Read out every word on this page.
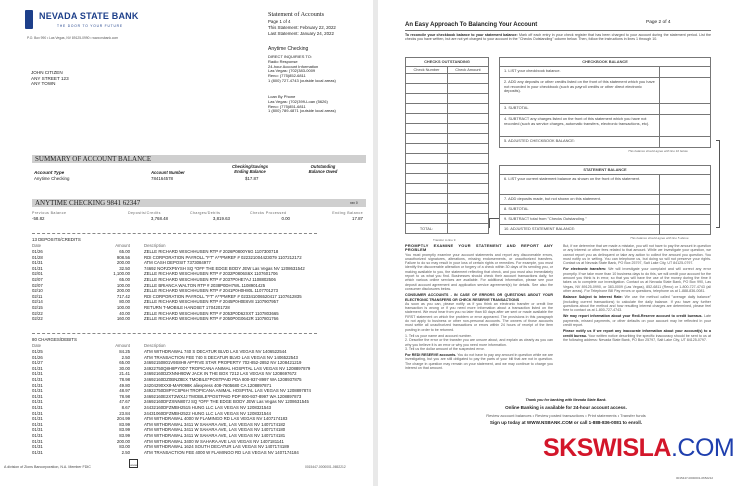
NEVADA STATE BANK
THE DOOR TO YOUR FUTURE
P.O. Box 990 • Las Vegas, NV 89125-0990 • www.nsbank.com
Statement of Accounts
Page 1 of 4
This Statement: February 22, 2022
Last Statement: January 24, 2022
Anytime Checking
DIRECT INQUIRIES TO:
Radio Response
24-hour Account Information
Las Vegas: (702)383-0009
Reno: (775)852-6811
1 (800) 727-4743 (outside local areas)
Loan By Phone
Las Vegas: (702)399-Loan (5626)
Reno: (775)851-6811
1 (800) 789-4871 (outside local areas)
JOHN CITIZEN
ANY STREET 123
ANY TOWN
SUMMARY OF ACCOUNT BALANCE
Account Type	Account Number
Checking/Savings Ending Balance
Outstanding Balance Owed
Anytime Checking	784164578	$17.87
ANYTIME CHECKING 9841 62347	xxx 0
Previous Balance
-58.82
Deposits/Credits
3,768.48
Charges/Debits
3,819.63
Checks Processed
0.00
Ending Balance
17.87
13 DEPOSITS/CREDITS
Date	Amount	Description
01/26	65.00	ZELLE RICHARD WISCHHUSEN RTP # 2026P0800Y6G 1107300718
01/28	908.56	RDI CORPORATION PAYROLL "FT" A**PMREF # 022321004423079 1107212172
01/31	200.00	ATM CASH DEPOSIT 7373084977
01/31	32.50	74692 NOFZXP5YSH SQ *OFF THE EDGE BODY JEW Las Vegas NV 1208631542
02/01	1,100.00	ZELLE RICHARD WISCHHUSEN RTP # 2032P0806S6X 1107601706
02/07	65.00	ZELLE RICHARD WISCHHUSEN RTP # 2037P0HE7AJ 1108802506
02/07	100.00	ZELLE BRIANCA WALTON RTP # 2038P0DH7WL 1108901425
02/10	200.00	ZELLE RICHARD WISCHHUSEN RTP # 2041P0H0H80L 1107701273
02/11	717.42	RDI CORPORATION PAYROLL "FT" A**PMREF # 023341006520417 1107612835
02/14	80.00	ZELLE RICHARD WISCHHUSEN RTP # 2045P0H0E6V8 1107907957
02/15	100.00	RETURN T-MOBILE HANDSET 1704201728
02/22	40.00	ZELLE RICHARD WISCHHUSEN RTP # 2053P0D62XXT 1107803665
02/22	160.00	ZELLE RICHARD WISCHHUSEN RTP # 2050P0G0642R 1107801766
80 CHARGES/DEBITS
Date	Amount	Description
01/25	84.25	ATM WITHDRAWAL 740 S DECATUR BLVD LAS VEGAS NV 1406522544
01/26	2.50	ATM TRANSACTION FEE 740 S DECATUR BLVD LAS VEGAS NV 1406522543
01/27	65.00	24692150801V9S8H9 AP*FIVE STAR PROPERTY 702-852-2852 NV 1208421219
01/31	30.00	24922750Q8H8PY0D7 TROPICANA ANIMAL HOSPITAL LAS VEGAS NV 1208897879
01/31	21.41	24692160DZXNNH9DW JACK IN THE BOX 7212 LAS VEGAS NV 1208697672
01/31	78.98	24692160DZ0BNZ8EX TMOBILE*POSTPAID PDA 800-937-8997 WA 1208937875
01/31	49.80	24204290XX8-MAR098K aliexpress 408-7605680 CA 1208897871
01/31	48.97	24922750D8PYCSP6H TROPICANA ANIMAL HOSPITAL LAS VEGAS NV 1208897874
01/31	78.98	24692160E2XT2WXJJ TMOBILE*POSTPAID PDP 800-937-8997 WA 1208897873
01/31	47.67	24692160DFZXNN807J SQ *OFF THE EDGE BODY JEW Las Vegas NV 1208631545
01/31	8.67	24432160DFZMBH2515 HUNG LLC LAS VEGAS NV 1208321543
01/31	23.84	24431060DFZMBH2522 HUNG LLC LAS VEGAS NV 1208321544
01/31	204.99	ATM WITHDRAWAL 4000 W FLAMINGO RD LAS VEGAS NV 1407174183
01/31	83.99	ATM WITHDRAWAL 3411 W SAHARA AVE, LAS VEGAS NV 1407174182
01/31	83.99	ATM WITHDRAWAL 3411 W SAHARA AVE, LAS VEGAS NV 1407174180
01/31	83.99	ATM WITHDRAWAL 3411 W SAHARA AVE, LAS VEGAS NV 1407174181
01/31	200.00	ATM WITHDRAWAL 3400 W SAHARA AVE LAS VEGAS NV 1407181141
01/31	83.00	ATM WITHDRAWAL 1624 SOUTH DECATUR LAS VEGAS NV 1407174189
01/31	2.50	ATM TRANSACTION FEE 4000 W FLAMINGO RD LAS VEGAS NV 1407174184
A division of Zions Bancorporation, N.A. Member FDIC	LENDER	0015447-0000001-0652212
An Easy Approach To Balancing Your Account	Page 2 of 4
To reconcile your checkbook balance to your statement balance: Mark off each entry in your check register that has been charged to your account during the statement period. List the checks you have written, but are not yet charged to your account in the "Checks Outstanding" column below. Then, follow the instructions in lines 1 through 10.
CHECKS OUTSTANDING	
Check Number	Check Amount

TOTAL:	
Transfer to line 9
CHECKBOOK BALANCE	
1. LIST your checkbook balance.	
2. ADD any deposits or other credits listed on the front of this statement which you have not recorded in your checkbook (such as payroll credits or other direct electronic deposits).	
3. SUBTOTAL	
4. SUBTRACT any charges listed on the front of this statement which you have not recorded (such as service charges, automatic transfers, electronic transactions, etc).	
5. ADJUSTED CHECKBOOK BALANCE:	
This balance should agree with line 10 below.
STATEMENT BALANCE	
6. LIST your current statement balance as shown on the front of this statement.	
7. ADD deposits made, but not shown on this statement.	
8. SUBTOTAL	
9. SUBTRACT total from "Checks Outstanding."	
10. ADJUSTED STATEMENT BALANCE:	
This balance should agree with line 5 above.
PROMPTLY EXAMINE YOUR STATEMENT AND REPORT ANY PROBLEM
You must promptly examine your account statements and report any discoverable errors, unauthorized signatures, alterations, missing endorsements, or unauthorized transfers. Failure to do so may result in your loss of certain rights or remedies. For example, you must identify the discoverable alteration or forgery of a check within 30 days of its sending you, or making available to you, the statement reflecting that check, and you must also immediately report to us what you find. Businesses should check their account transactions daily, for which various online services are available. For additional information, please see your deposit account agreement and application service agreement(s) for details. See also the consumer disclosures below.
CONSUMER ACCOUNTS - IN CASE OF ERRORS OR QUESTIONS ABOUT YOUR ELECTRONIC TRANSFERS OR CHECK RESERVE TRANSACTIONS
As soon as you can, please notify us if you think an electronic transfer or credit line transaction is wrong or if you need more information about a transaction listed on the statement. We must hear from you no later than 60 days after we sent or made available the FIRST statement on which the problem or error appeared. The provisions in this paragraph do not apply to business or other non-personal accounts. The owners of those accounts must settle all unauthorized transactions or errors within 24 hours of receipt of the item posting in order to be returned.
1. Tell us your name and account number.
2. Describe the error or the transfer you are unsure about, and explain as clearly as you can why you believe it is an error or why you need more information.
3. Tell us the dollar amount of the suspected error.
For REDI RESERVE accounts. You do not have to pay any amount in question while we are investigating, but you are still obligated to pay the parts of your bill that are not in question. The charge in question may remain on your statement, and we may continue to charge you interest on that amount.
But, if we determine that we made a mistake, you will not have to pay the amount in question or any interest or other fees related to that amount. While we investigate your question, we cannot report you as delinquent or take any action to collect the amount you question. You must notify us in writing. You can telephone us, but doing so will not preserve your rights. Contact us at Nevada State Bank, PO Box 25797, Salt Lake City, UT 84125-0797.
For electronic transfers: We will investigate your complaint and will correct any error promptly. If we take more than 10 business days to do this, we will credit your account for the amount you think is in error, so that you will have the use of the money during the time it takes us to complete our investigation. Contact us at Nevada State Bank, PO Box 990, Las Vegas, NV 89125-0990, or 383-0009 (Las Vegas), 852-6811 (Reno) or 1-800-727-4743 (all other areas). For Telephone Bill Pay errors or questions, telephone us at 1-888-836-0081.
Balance Subject to Interest Rate: We use the method called "average daily balance" (including current transactions) to calculate the daily balance. If you have any further questions about the method and how resulting interest charges are determined, please feel free to contact us at 1-800-727-4743.
We may report information about your Redi-Reserve account to credit bureaus. Late payments, missed payments, or other defaults on your account may be reflected in your credit report.
Please notify us if we report any inaccurate information about your account(s) to a credit bureau. Your written notice describing the specific inaccuracy should be sent to us at the following address: Nevada State Bank, PO Box 25797, Salt Lake City, UT 84125-0797.
Thank you for banking with Nevada State Bank.
Online Banking is available for 24-hour account access.
Review account balances • Review posted transactions • Print statements • Transfer funds
Sign up today at WWW.NSBANK.COM or call 1-888-836-0081 to enroll.
0015447-0000001-0652212
SKSWISLA.COM
